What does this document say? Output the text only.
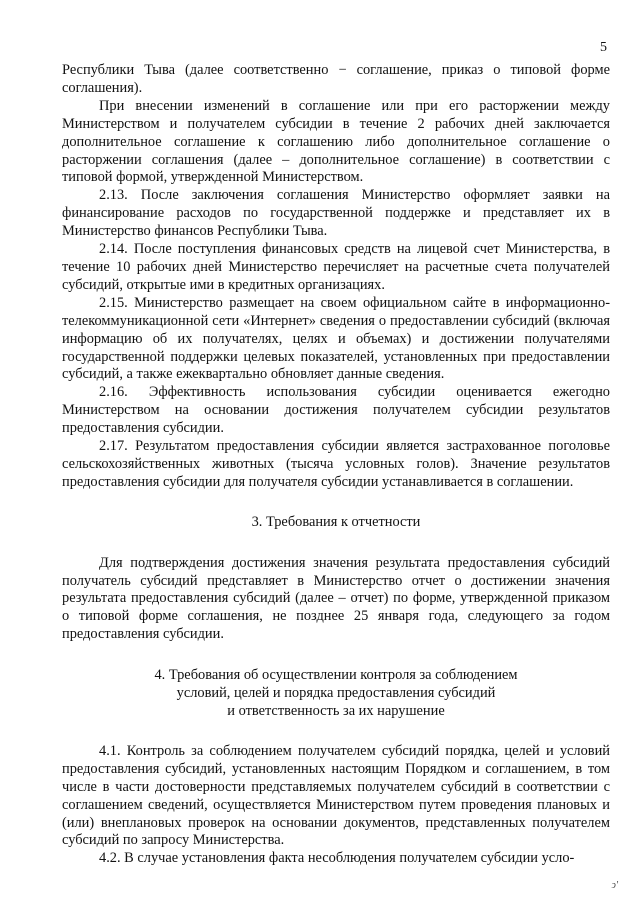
5

Республики Тыва (далее соответственно − соглашение, приказ о типовой форме соглашения).

При внесении изменений в соглашение или при его расторжении между Министерством и получателем субсидии в течение 2 рабочих дней заключается дополнительное соглашение к соглашению либо дополнительное соглашение о расторжении соглашения (далее – дополнительное соглашение) в соответствии с типовой формой, утвержденной Министерством.

2.13. После заключения соглашения Министерство оформляет заявки на финансирование расходов по государственной поддержке и представляет их в Министерство финансов Республики Тыва.

2.14. После поступления финансовых средств на лицевой счет Министерства, в течение 10 рабочих дней Министерство перечисляет на расчетные счета получателей субсидий, открытые ими в кредитных организациях.

2.15. Министерство размещает на своем официальном сайте в информационно-телекоммуникационной сети «Интернет» сведения о предоставлении субсидий (включая информацию об их получателях, целях и объемах) и достижении получателями государственной поддержки целевых показателей, установленных при предоставлении субсидий, а также ежеквартально обновляет данные сведения.

2.16. Эффективность использования субсидии оценивается ежегодно Министерством на основании достижения получателем субсидии результатов предоставления субсидии.

2.17. Результатом предоставления субсидии является застрахованное поголовье сельскохозяйственных животных (тысяча условных голов). Значение результатов предоставления субсидии для получателя субсидии устанавливается в соглашении.

3. Требования к отчетности

Для подтверждения достижения значения результата предоставления субсидий получатель субсидий представляет в Министерство отчет о достижении значения результата предоставления субсидий (далее – отчет) по форме, утвержденной приказом о типовой форме соглашения, не позднее 25 января года, следующего за годом предоставления субсидии.

4. Требования об осуществлении контроля за соблюдением
условий, целей и порядка предоставления субсидий
и ответственность за их нарушение

4.1. Контроль за соблюдением получателем субсидий порядка, целей и условий предоставления субсидий, установленных настоящим Порядком и соглашением, в том числе в части достоверности представляемых получателем субсидий в соответствии с соглашением сведений, осуществляется Министерством путем проведения плановых и (или) внеплановых проверок на основании документов, представленных получателем субсидий по запросу Министерства.

4.2. В случае установления факта несоблюдения получателем субсидии усло-

ↄ'
